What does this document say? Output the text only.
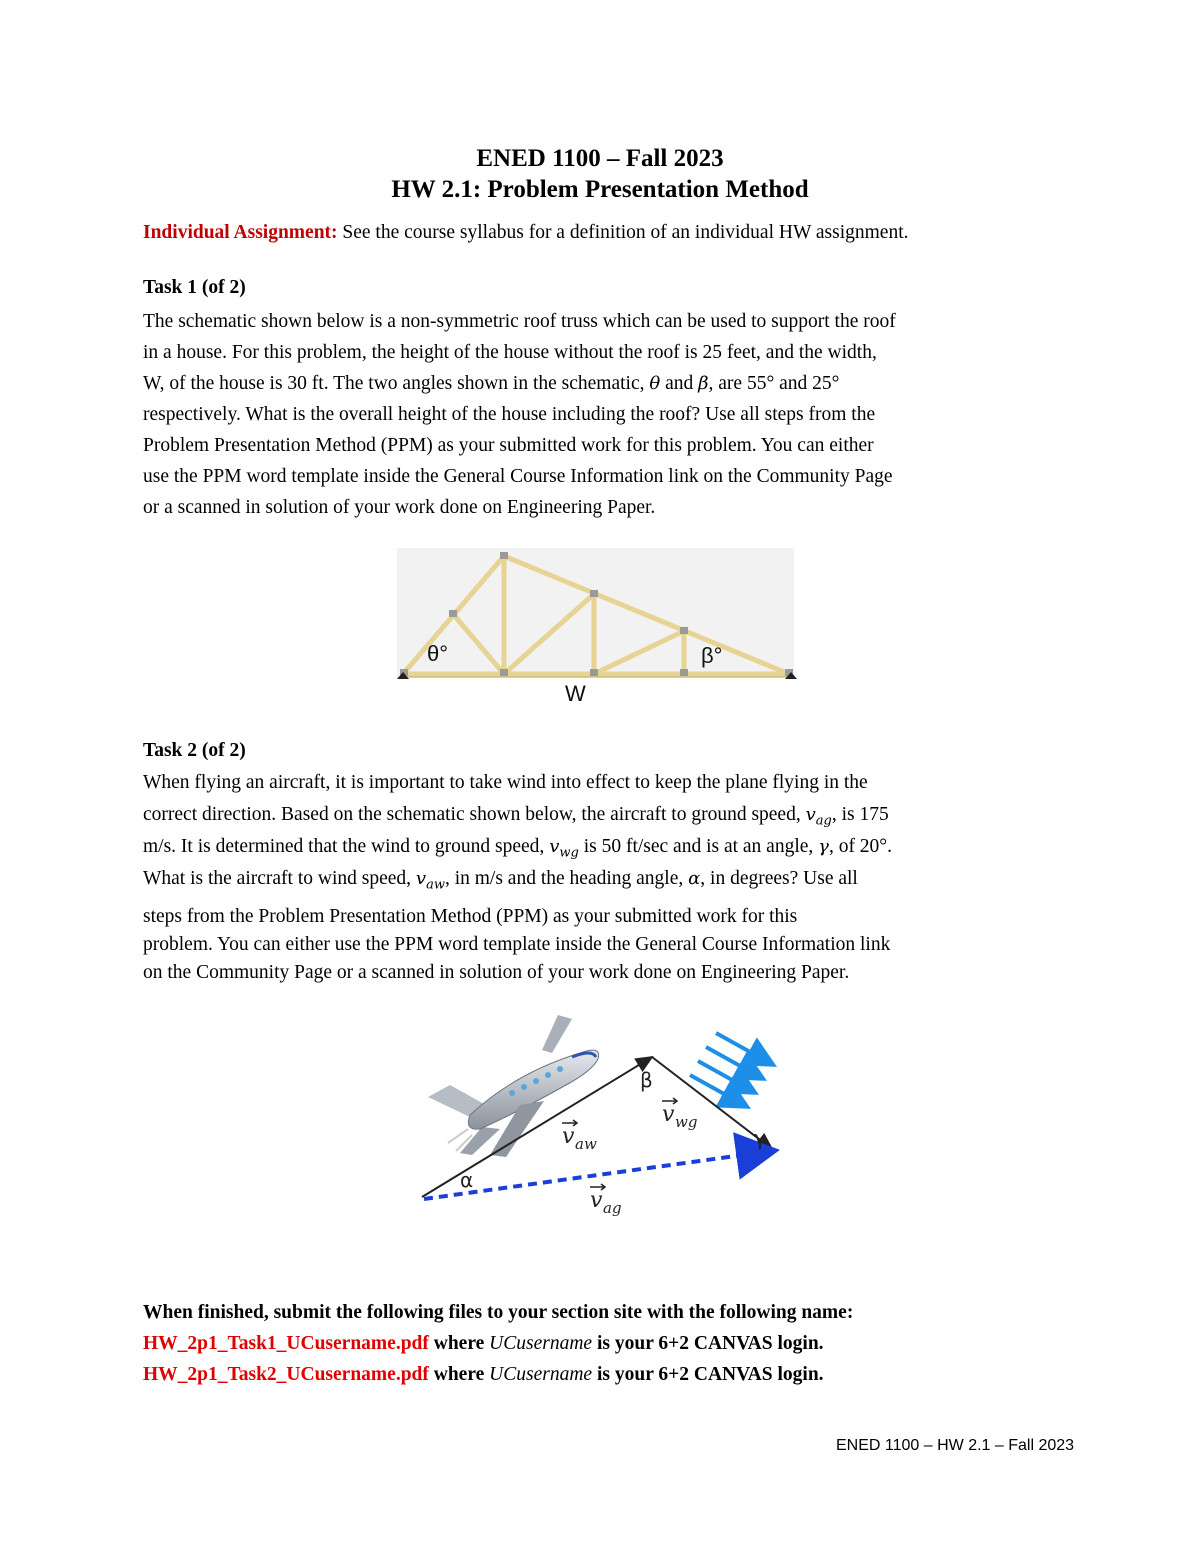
ENED 1100 – Fall 2023
HW 2.1: Problem Presentation Method
Individual Assignment: See the course syllabus for a definition of an individual HW assignment.
Task 1 (of 2)
The schematic shown below is a non-symmetric roof truss which can be used to support the roof
in a house. For this problem, the height of the house without the roof is 25 feet, and the width,
W, of the house is 30 ft. The two angles shown in the schematic, θ and β, are 55° and 25°
respectively. What is the overall height of the house including the roof? Use all steps from the
Problem Presentation Method (PPM) as your submitted work for this problem. You can either
use the PPM word template inside the General Course Information link on the Community Page
or a scanned in solution of your work done on Engineering Paper.
θ°	β°
W
Task 2 (of 2)
When flying an aircraft, it is important to take wind into effect to keep the plane flying in the
correct direction. Based on the schematic shown below, the aircraft to ground speed, $v_{ag}$, is 175
m/s. It is determined that the wind to ground speed, $v_{wg}$ is 50 ft/sec and is at an angle, γ, of 20°.
What is the aircraft to wind speed, $v_{aw}$, in m/s and the heading angle, α, in degrees? Use all
steps from the Problem Presentation Method (PPM) as your submitted work for this
problem. You can either use the PPM word template inside the General Course Information link
on the Community Page or a scanned in solution of your work done on Engineering Paper.
β
γ
α
v aw
v wg
v ag
When finished, submit the following files to your section site with the following name:
HW_2p1_Task1_UCusername.pdf where UCusername is your 6+2 CANVAS login.
HW_2p1_Task2_UCusername.pdf where UCusername is your 6+2 CANVAS login.
ENED 1100 – HW 2.1 – Fall 2023
